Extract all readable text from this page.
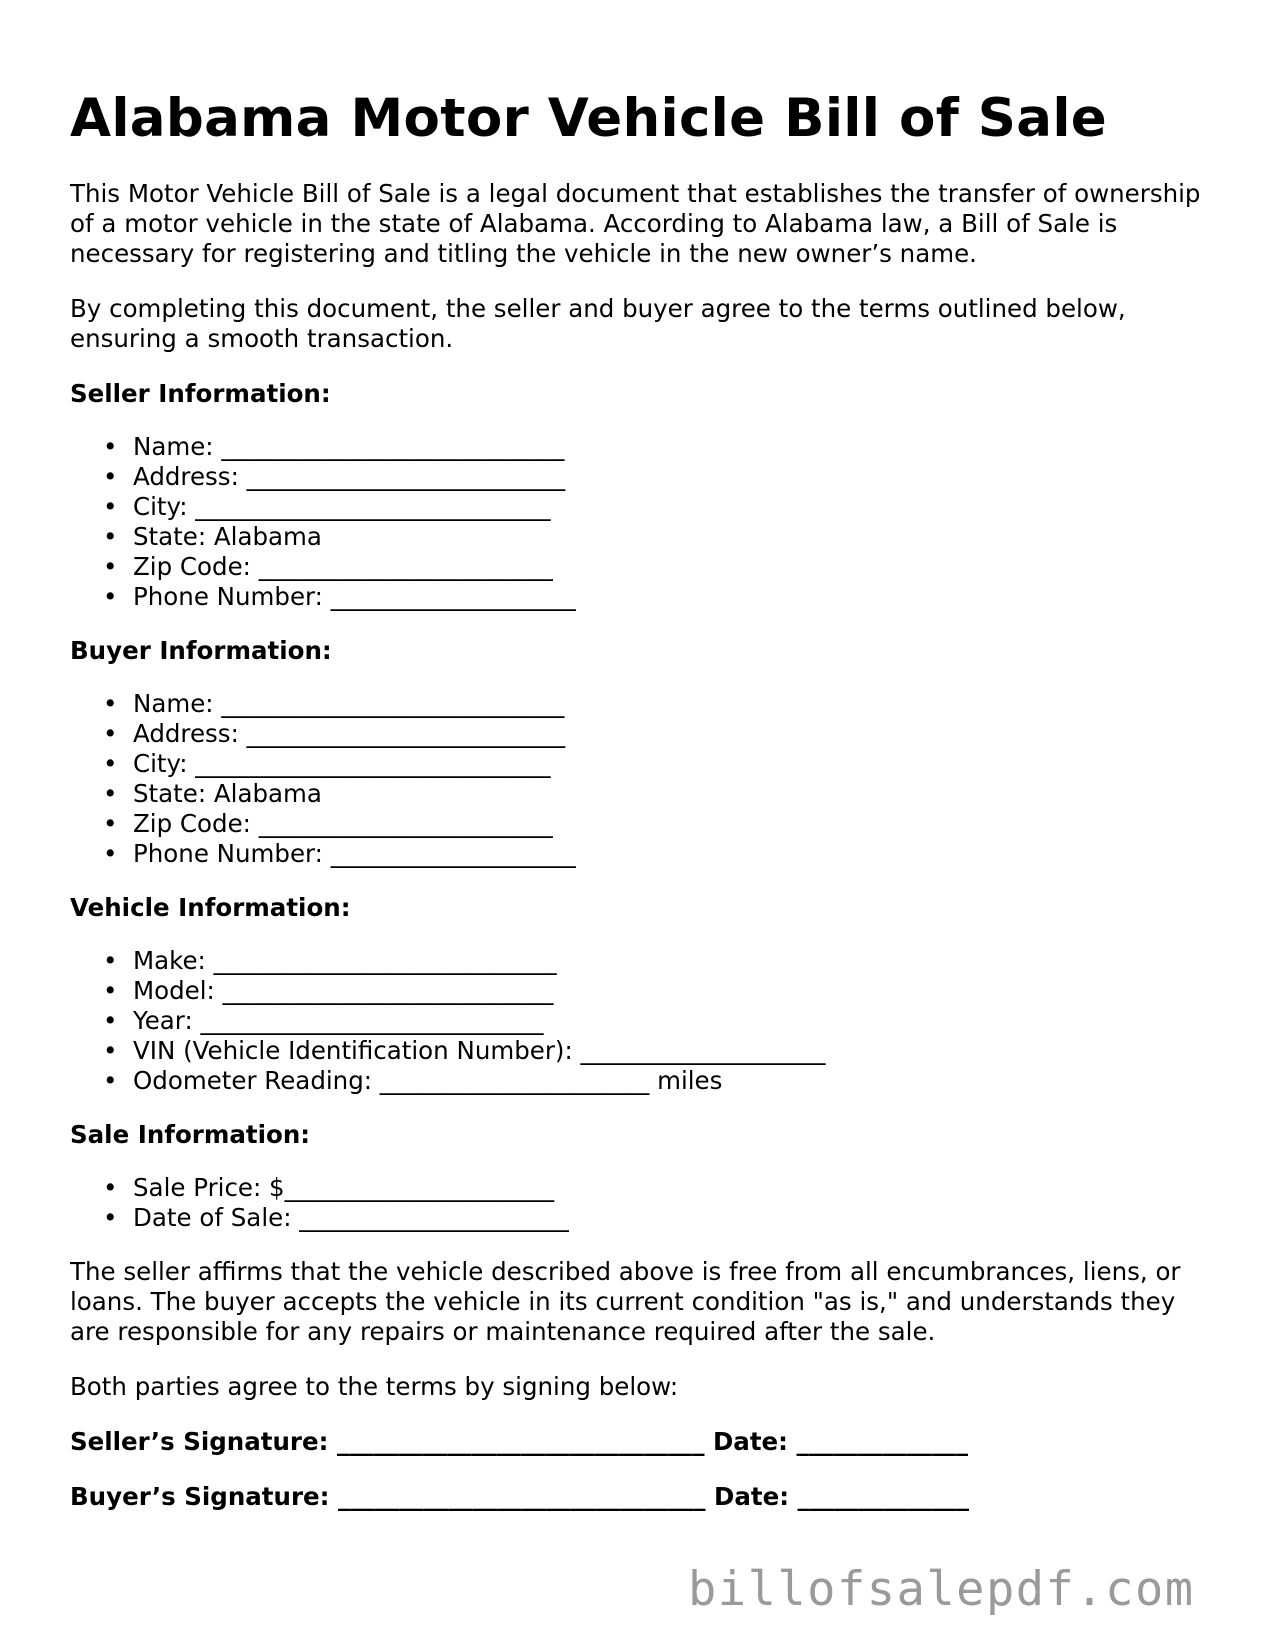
Alabama Motor Vehicle Bill of Sale

This Motor Vehicle Bill of Sale is a legal document that establishes the transfer of ownership of a motor vehicle in the state of Alabama. According to Alabama law, a Bill of Sale is necessary for registering and titling the vehicle in the new owner’s name.

By completing this document, the seller and buyer agree to the terms outlined below, ensuring a smooth transaction.

Seller Information:

• Name: ____________________________
• Address: __________________________
• City: _____________________________
• State: Alabama
• Zip Code: ________________________
• Phone Number: ____________________

Buyer Information:

• Name: ____________________________
• Address: __________________________
• City: _____________________________
• State: Alabama
• Zip Code: ________________________
• Phone Number: ____________________

Vehicle Information:

• Make: ____________________________
• Model: ___________________________
• Year: ____________________________
• VIN (Vehicle Identification Number): ____________________
• Odometer Reading: ______________________ miles

Sale Information:

• Sale Price: $______________________
• Date of Sale: ______________________

The seller affirms that the vehicle described above is free from all encumbrances, liens, or loans. The buyer accepts the vehicle in its current condition "as is," and understands they are responsible for any repairs or maintenance required after the sale.

Both parties agree to the terms by signing below:

Seller’s Signature: ______________________________ Date: ______________
Buyer’s Signature: ______________________________ Date: ______________
billofsalepdf.com
